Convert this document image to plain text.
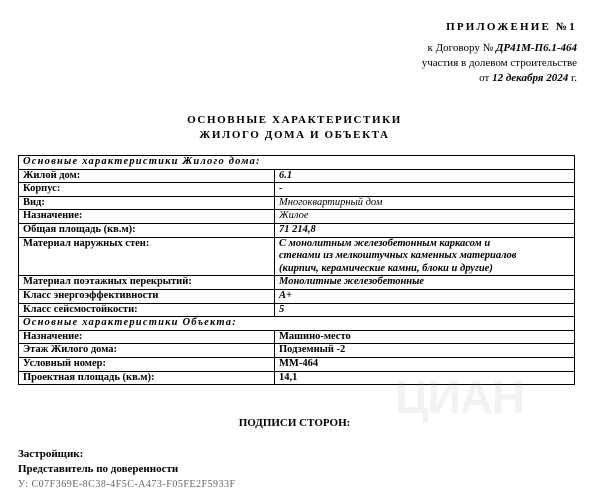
ПРИЛОЖЕНИЕ №1
к Договору № ДР41М-П6.1-464
участия в долевом строительстве
от 12 декабря 2024 г.
ОСНОВНЫЕ ХАРАКТЕРИСТИКИ
ЖИЛОГО ДОМА И ОБЪЕКТА
Основные характеристики Жилого дома:	
Жилой дом:	6.1
Корпус:	-
Вид:	Многоквартирный дом
Назначение:	Жилое
Общая площадь (кв.м):	71 214,8
Материал наружных стен:	С монолитным железобетонным каркасом и
стенами из мелкоштучных каменных материалов
(кирпич, керамические камни, блоки и другие)

Материал поэтажных перекрытий:	Монолитные железобетонные
Класс энергоэффективности	А+
Класс сейсмостойкости:	5
Основные характеристики Объекта:	
Назначение:	Машино-место
Этаж Жилого дома:	Подземный -2
Условный номер:	ММ-464
Проектная площадь (кв.м):	14,1 ЦИАН
ПОДПИСИ СТОРОН:
Застройщик:
Представитель по доверенности
У: C07F369E-8C38-4F5C-A473-F05FE2F5933F
